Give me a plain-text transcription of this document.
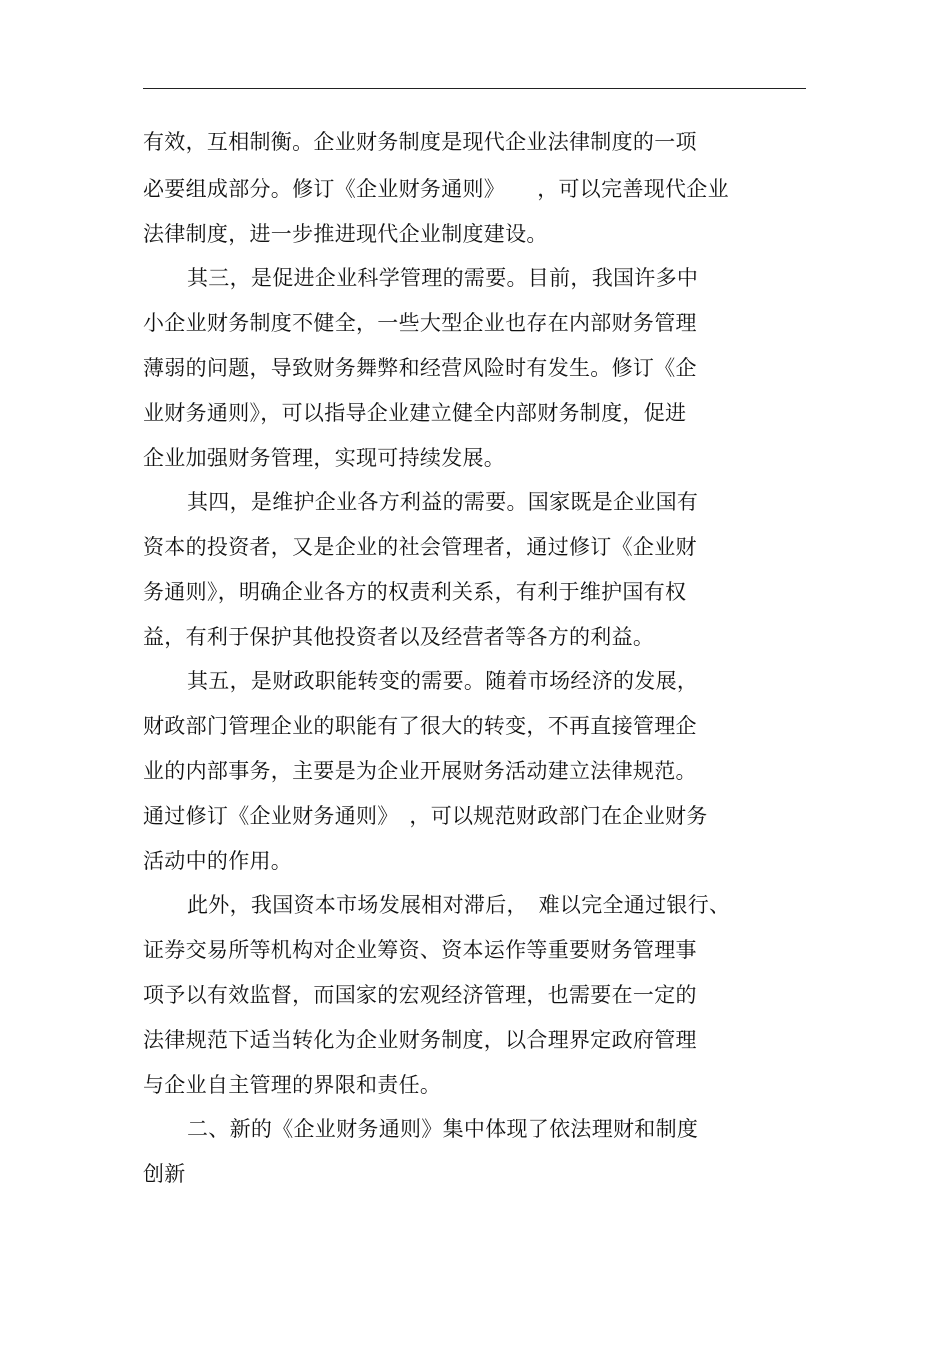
有效，互相制衡。企业财务制度是现代企业法律制度的一项
必要组成部分。修订《企业财务通则》　　，可以完善现代企业
法律制度，进一步推进现代企业制度建设。
其三，是促进企业科学管理的需要。目前，我国许多中
小企业财务制度不健全，一些大型企业也存在内部财务管理
薄弱的问题，导致财务舞弊和经营风险时有发生。修订《企
业财务通则》，可以指导企业建立健全内部财务制度，促进
企业加强财务管理，实现可持续发展。
其四，是维护企业各方利益的需要。国家既是企业国有
资本的投资者，又是企业的社会管理者，通过修订《企业财
务通则》，明确企业各方的权责利关系，有利于维护国有权
益，有利于保护其他投资者以及经营者等各方的利益。
其五，是财政职能转变的需要。随着市场经济的发展，
财政部门管理企业的职能有了很大的转变，不再直接管理企
业的内部事务，主要是为企业开展财务活动建立法律规范。
通过修订《企业财务通则》　，可以规范财政部门在企业财务
活动中的作用。
此外，我国资本市场发展相对滞后，　难以完全通过银行、
证券交易所等机构对企业筹资、资本运作等重要财务管理事
项予以有效监督，而国家的宏观经济管理，也需要在一定的
法律规范下适当转化为企业财务制度，以合理界定政府管理
与企业自主管理的界限和责任。
二、新的《企业财务通则》集中体现了依法理财和制度
创新
